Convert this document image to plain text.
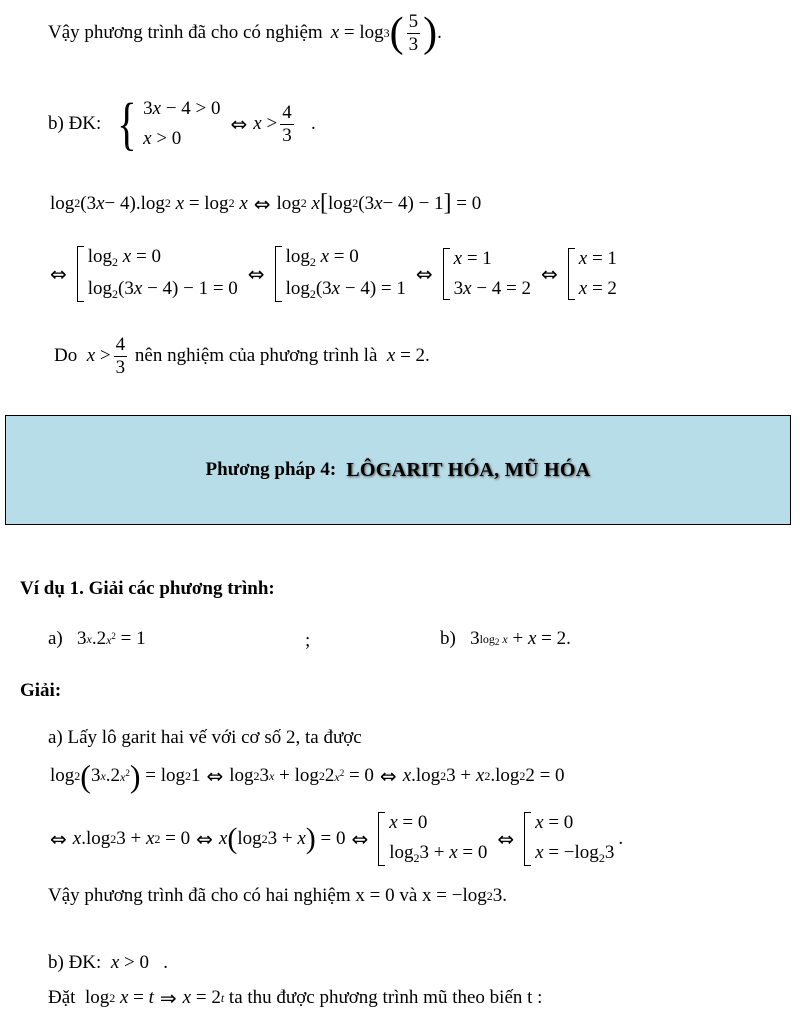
Vậy phương trình đã cho có nghiệm x = log 3 ( $\frac{5}{3}$ ) .
b) ĐK: { 3x − 4 > 0
x > 0
⇔ $x > \frac{4}{3}$ .
log 2 (3 x − 4).log 2
x = log 2
x ⇔ log 2
x [ log 2 (3 x − 4) − 1 ] = 0
⇔
$\log_2 x = 0$
$\log_2(3x - 4) - 1 = 0$
⇔
$\log_2 x = 0$
$\log_2(3x - 4) = 1$
⇔
x = 1
3x − 4 = 2
⇔
x = 1
x = 2
Do
$x > \frac{4}{3}$
nên nghiệm của phương trình là
x = 2.
Phương pháp 4: LÔGARIT HÓA, MŨ HÓA
Ví dụ 1. Giải các phương trình:
a) 3 x .2 $x^2 = 1$	;	b) 3 $\log_2 x + x = 2$.
Giải:
a) Lấy lô garit hai vế với cơ số 2, ta được
log 2 ( 3 x .2 $x^2$ ) = log 2 1 ⇔ log 2 3 x + log 2 2 $x^2 = 0$ ⇔ x .log 2 3 + x 2 .log 2 2 = 0
⇔ x .log 2 3 + x 2 = 0 ⇔ x ( log 2 3 + x ) = 0 ⇔
x = 0
$\log_23 + x = 0$
⇔
x = 0
$x = -\log_23$
.
Vậy phương trình đã cho có hai nghiệm x = 0 và x = − log 2 3.
b) ĐK:
x > 0   .
Đặt log 2
x = t ⇒ x = 2 t
ta thu được phương trình mũ theo biến t :
